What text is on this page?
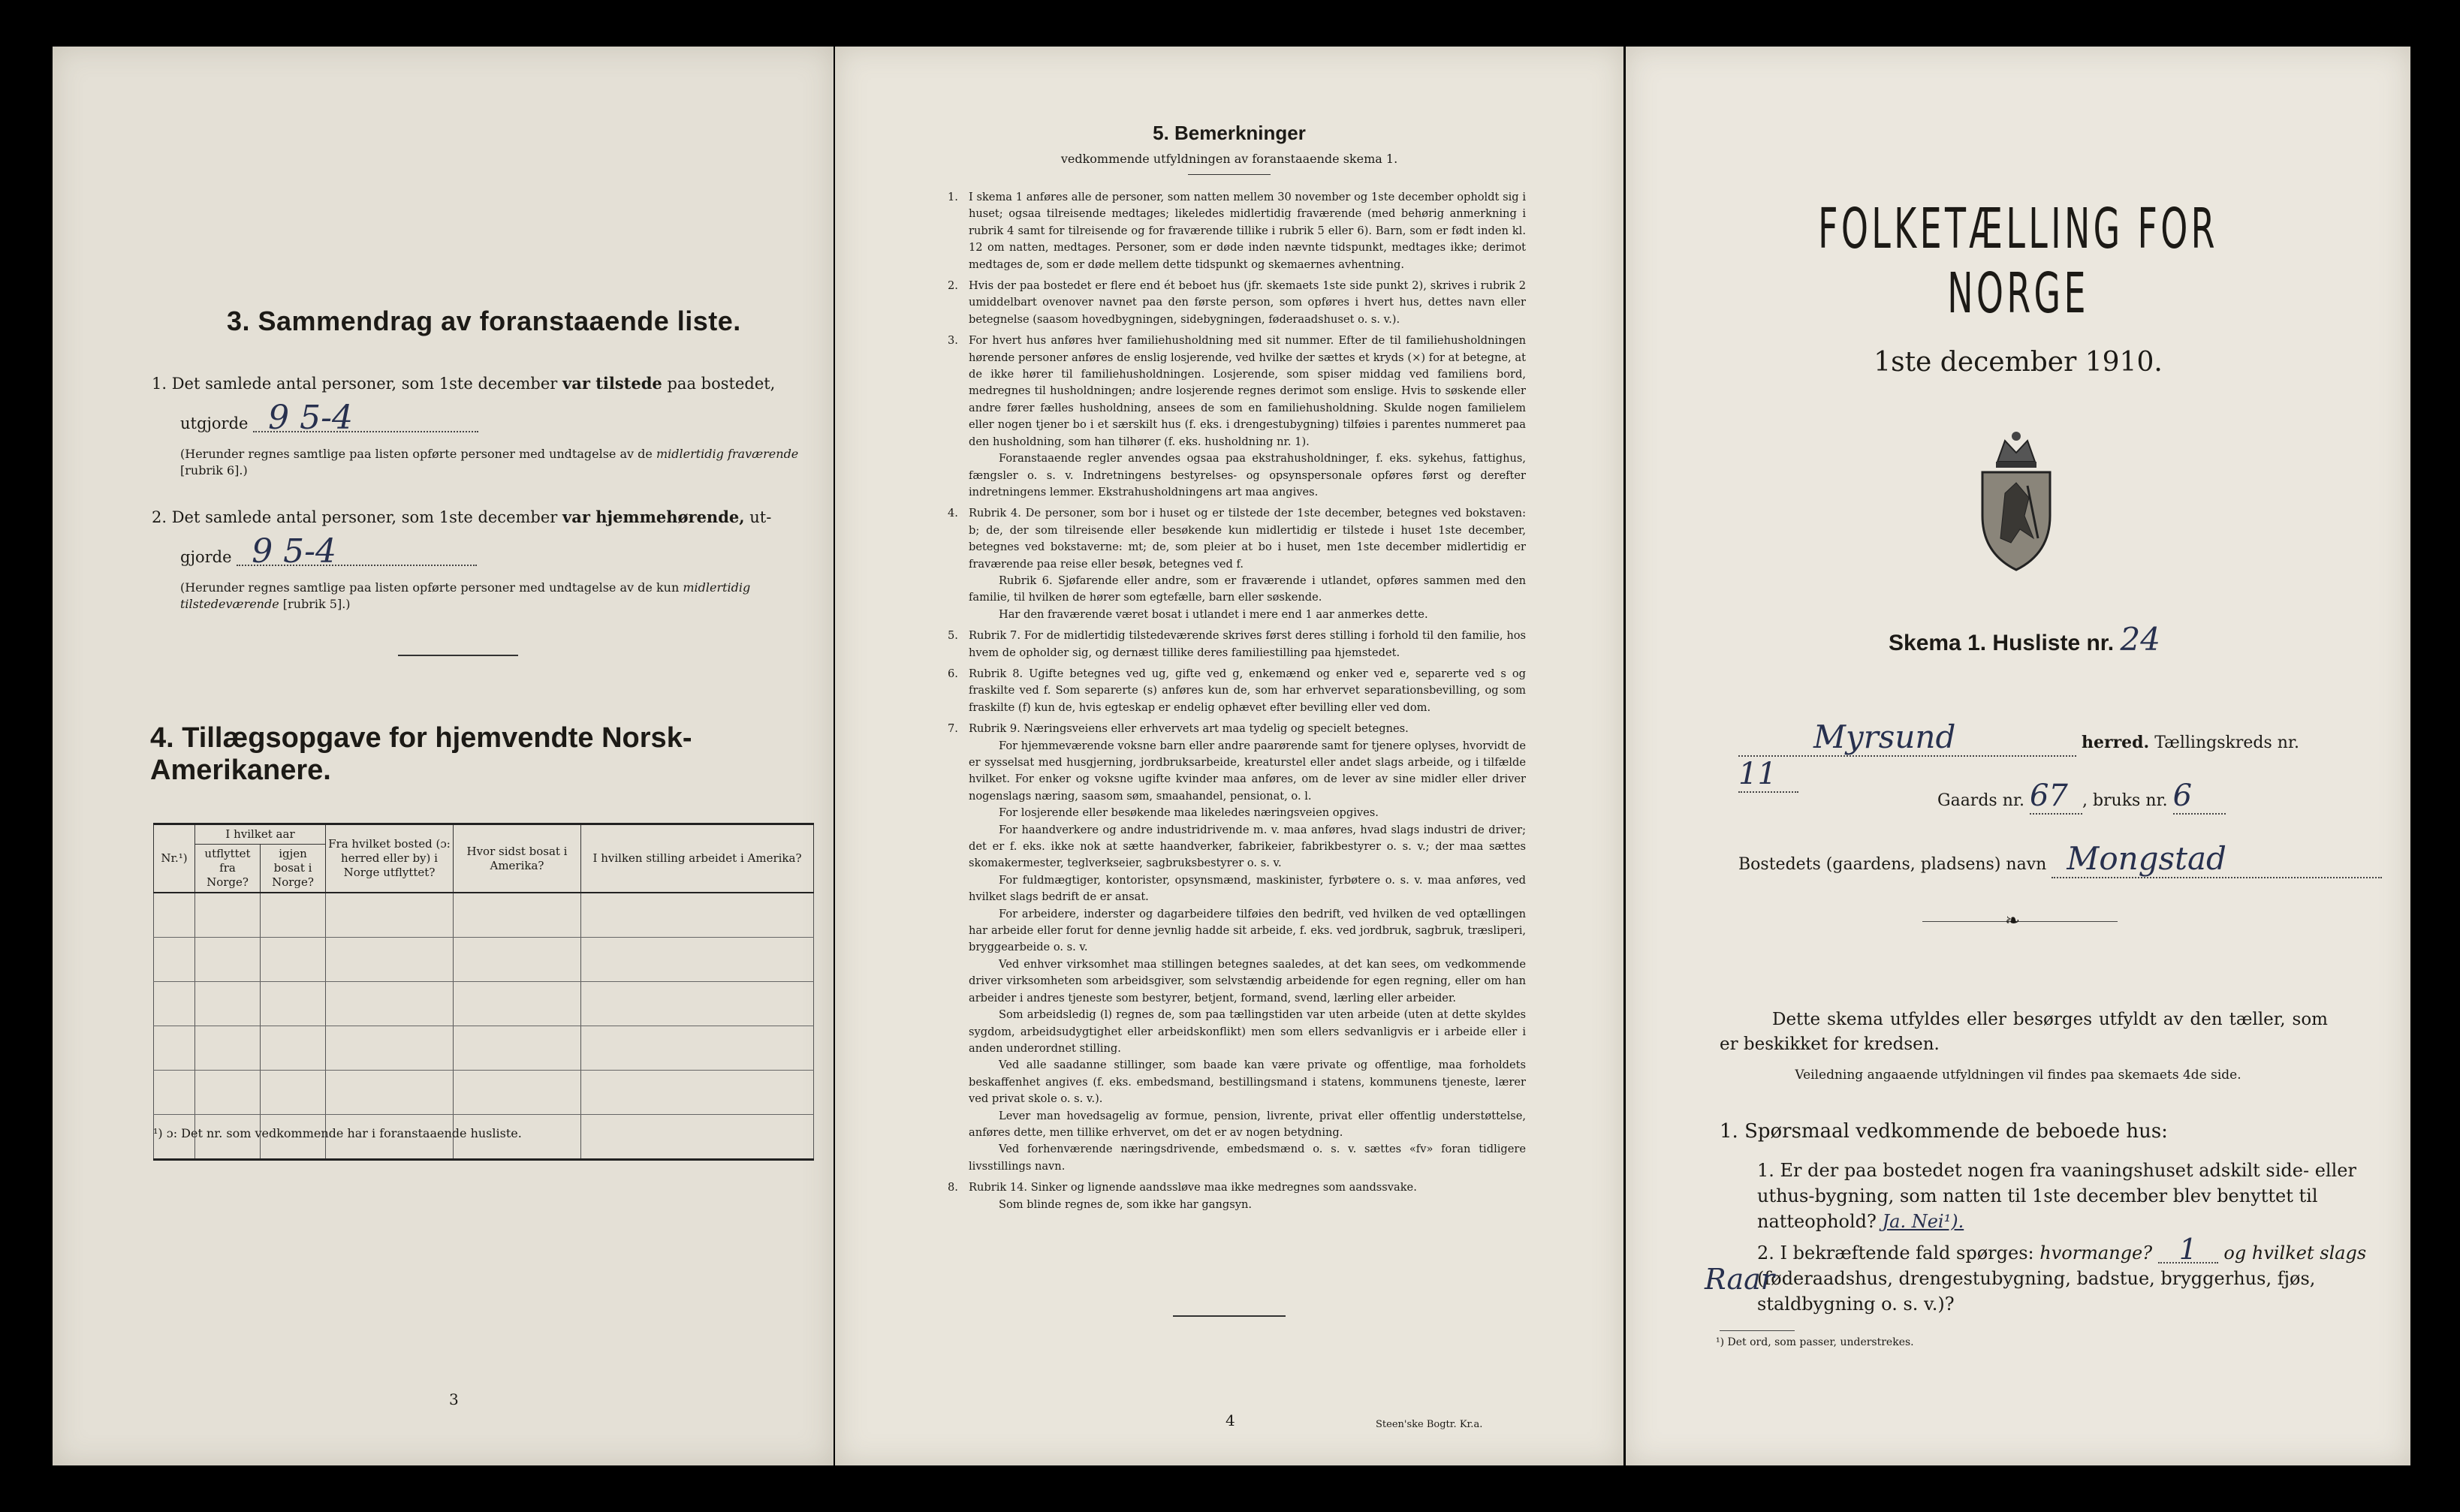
3. Sammendrag av foranstaaende liste.
1. Det samlede antal personer, som 1ste december var tilstede paa bostedet,
utgjorde 9 5-4
(Herunder regnes samtlige paa listen opførte personer med undtagelse av de midlertidig fraværende [rubrik 6].)
2. Det samlede antal personer, som 1ste december var hjemmehørende, ut-
gjorde 9 5-4
(Herunder regnes samtlige paa listen opførte personer med undtagelse av de kun midlertidig tilstedeværende [rubrik 5].)
4. Tillægsopgave for hjemvendte Norsk-Amerikanere.
Nr.¹)	I hvilket aar		Fra hvilket bosted (ɔ: herred eller by) i Norge utflyttet?	Hvor sidst bosat i Amerika?	I hvilken stilling arbeidet i Amerika?
	utflyttet fra Norge?	igjen bosat i Norge?			

¹) ɔ: Det nr. som vedkommende har i foranstaaende husliste.
3
5. Bemerkninger
vedkommende utfyldningen av foranstaaende skema 1.
1. I skema 1 anføres alle de personer, som natten mellem 30 november og 1ste december opholdt sig i huset; ogsaa tilreisende medtages; likeledes midlertidig fraværende (med behørig anmerkning i rubrik 4 samt for tilreisende og for fraværende tillike i rubrik 5 eller 6). Barn, som er født inden kl. 12 om natten, medtages. Personer, som er døde inden nævnte tidspunkt, medtages ikke; derimot medtages de, som er døde mellem dette tidspunkt og skemaernes avhentning.
2. Hvis der paa bostedet er flere end ét beboet hus (jfr. skemaets 1ste side punkt 2), skrives i rubrik 2 umiddelbart ovenover navnet paa den første person, som opføres i hvert hus, dettes navn eller betegnelse (saasom hovedbygningen, sidebygningen, føderaadshuset o. s. v.).
3. For hvert hus anføres hver familiehusholdning med sit nummer. Efter de til familiehusholdningen hørende personer anføres de enslig losjerende, ved hvilke der sættes et kryds (×) for at betegne, at de ikke hører til familiehusholdningen. Losjerende, som spiser middag ved familiens bord, medregnes til husholdningen; andre losjerende regnes derimot som enslige. Hvis to søskende eller andre fører fælles husholdning, ansees de som en familiehusholdning. Skulde nogen familielem eller nogen tjener bo i et særskilt hus (f. eks. i drengestubygning) tilføies i parentes nummeret paa den husholdning, som han tilhører (f. eks. husholdning nr. 1).

Foranstaaende regler anvendes ogsaa paa ekstrahusholdninger, f. eks. sykehus, fattighus, fængsler o. s. v. Indretningens bestyrelses- og opsynspersonale opføres først og derefter indretningens lemmer. Ekstrahusholdningens art maa angives.

4. Rubrik 4. De personer, som bor i huset og er tilstede der 1ste december, betegnes ved bokstaven: b; de, der som tilreisende eller besøkende kun midlertidig er tilstede i huset 1ste december, betegnes ved bokstaverne: mt; de, som pleier at bo i huset, men 1ste december midlertidig er fraværende paa reise eller besøk, betegnes ved f.

Rubrik 6. Sjøfarende eller andre, som er fraværende i utlandet, opføres sammen med den familie, til hvilken de hører som egtefælle, barn eller søskende.

Har den fraværende været bosat i utlandet i mere end 1 aar anmerkes dette.

5. Rubrik 7. For de midlertidig tilstedeværende skrives først deres stilling i forhold til den familie, hos hvem de opholder sig, og dernæst tillike deres familiestilling paa hjemstedet.
6. Rubrik 8. Ugifte betegnes ved ug, gifte ved g, enkemænd og enker ved e, separerte ved s og fraskilte ved f. Som separerte (s) anføres kun de, som har erhvervet separationsbevilling, og som fraskilte (f) kun de, hvis egteskap er endelig ophævet efter bevilling eller ved dom.
7. Rubrik 9. Næringsveiens eller erhvervets art maa tydelig og specielt betegnes.

For hjemmeværende voksne barn eller andre paarørende samt for tjenere oplyses, hvorvidt de er sysselsat med husgjerning, jordbruksarbeide, kreaturstel eller andet slags arbeide, og i tilfælde hvilket. For enker og voksne ugifte kvinder maa anføres, om de lever av sine midler eller driver nogenslags næring, saasom søm, smaahandel, pensionat, o. l.

For losjerende eller besøkende maa likeledes næringsveien opgives.

For haandverkere og andre industridrivende m. v. maa anføres, hvad slags industri de driver; det er f. eks. ikke nok at sætte haandverker, fabrikeier, fabrikbestyrer o. s. v.; der maa sættes skomakermester, teglverkseier, sagbruksbestyrer o. s. v.

For fuldmægtiger, kontorister, opsynsmænd, maskinister, fyrbøtere o. s. v. maa anføres, ved hvilket slags bedrift de er ansat.

For arbeidere, inderster og dagarbeidere tilføies den bedrift, ved hvilken de ved optællingen har arbeide eller forut for denne jevnlig hadde sit arbeide, f. eks. ved jordbruk, sagbruk, træsliperi, bryggearbeide o. s. v.

Ved enhver virksomhet maa stillingen betegnes saaledes, at det kan sees, om vedkommende driver virksomheten som arbeidsgiver, som selvstændig arbeidende for egen regning, eller om han arbeider i andres tjeneste som bestyrer, betjent, formand, svend, lærling eller arbeider.

Som arbeidsledig (l) regnes de, som paa tællingstiden var uten arbeide (uten at dette skyldes sygdom, arbeidsudygtighet eller arbeidskonflikt) men som ellers sedvanligvis er i arbeide eller i anden underordnet stilling.

Ved alle saadanne stillinger, som baade kan være private og offentlige, maa forholdets beskaffenhet angives (f. eks. embedsmand, bestillingsmand i statens, kommunens tjeneste, lærer ved privat skole o. s. v.).

Lever man hovedsagelig av formue, pension, livrente, privat eller offentlig understøttelse, anføres dette, men tillike erhvervet, om det er av nogen betydning.

Ved forhenværende næringsdrivende, embedsmænd o. s. v. sættes «fv» foran tidligere livsstillings navn.

8. Rubrik 14. Sinker og lignende aandssløve maa ikke medregnes som aandssvake.

Som blinde regnes de, som ikke har gangsyn.

4	Steen'ske Bogtr. Kr.a.
FOLKETÆLLING FOR NORGE
1ste december 1910.
Skema 1. Husliste nr. 24
Myrsund	herred. Tællingskreds nr. 11
Gaards nr. 67 , bruks nr. 6
Bostedets (gaardens, pladsens) navn Mongstad
❧
Dette skema utfyldes eller besørges utfyldt av den tæller, som er beskikket for kredsen.
Veiledning angaaende utfyldningen vil findes paa skemaets 4de side.
1. Spørsmaal vedkommende de beboede hus:
1. Er der paa bostedet nogen fra vaaningshuset adskilt side- eller uthus-bygning, som natten til 1ste december blev benyttet til natteophold? Ja. Nei¹).
2. I bekræftende fald spørges: hvormange? 1 og hvilket slags (føderaadshus, drengestubygning, badstue, bryggerhus, fjøs, staldbygning o. s. v.)?
Raar
¹) Det ord, som passer, understrekes.
